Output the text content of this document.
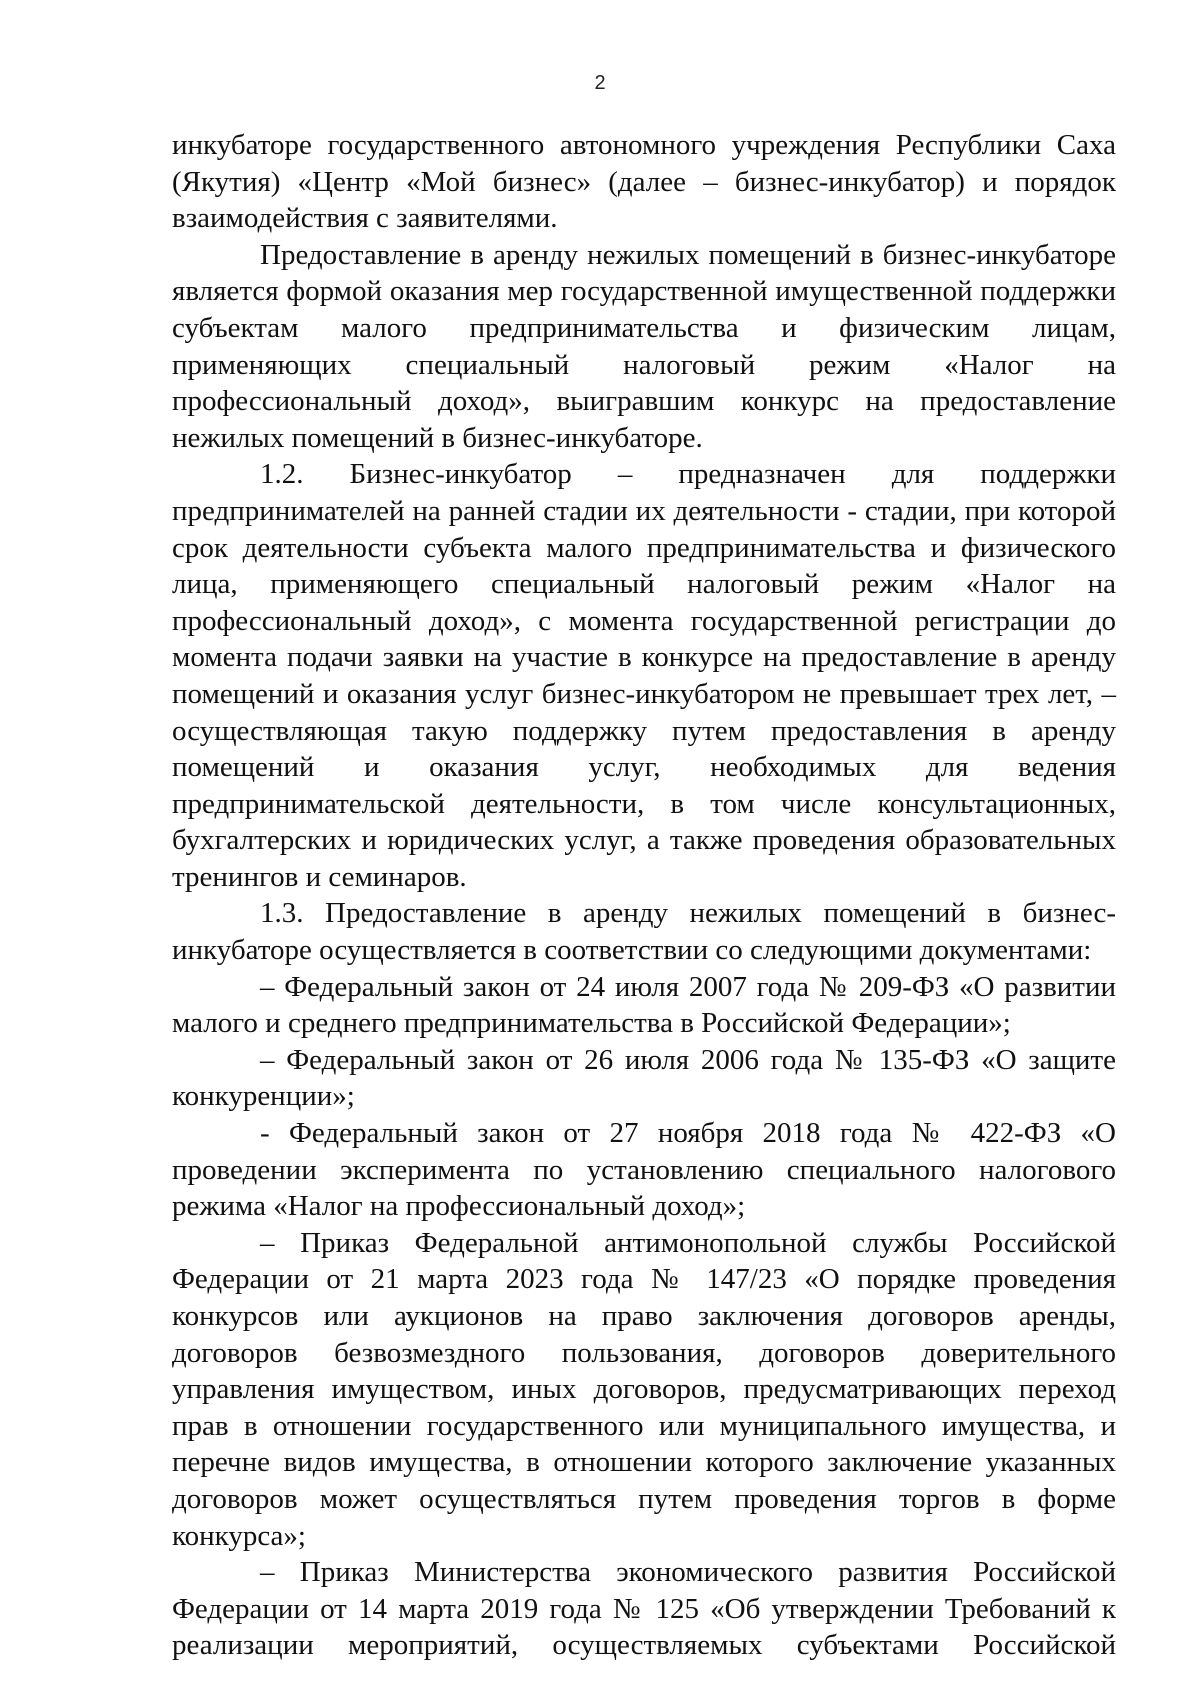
2

инкубаторе государственного автономного учреждения Республики Саха (Якутия) «Центр «Мой бизнес» (далее – бизнес-инкубатор) и порядок взаимодействия с заявителями.

Предоставление в аренду нежилых помещений в бизнес-инкубаторе является формой оказания мер государственной имущественной поддержки субъектам малого предпринимательства и физическим лицам, применяющих специальный налоговый режим «Налог на профессиональный доход», выигравшим конкурс на предоставление нежилых помещений в бизнес-инкубаторе.

1.2.    Бизнес-инкубатор    –    предназначен    для    поддержки предпринимателей на ранней стадии их деятельности - стадии, при которой срок деятельности субъекта малого предпринимательства и физического лица, применяющего специальный налоговый режим «Налог на профессиональный доход», с момента государственной регистрации до момента подачи заявки на участие в конкурсе на предоставление в аренду помещений и оказания услуг бизнес-инкубатором не превышает трех лет, – осуществляющая такую поддержку путем предоставления в аренду помещений и оказания услуг, необходимых для ведения предпринимательской деятельности, в том числе консультационных, бухгалтерских и юридических услуг, а также проведения образовательных тренингов и семинаров.

1.3. Предоставление в аренду нежилых помещений в бизнес-инкубаторе осуществляется в соответствии со следующими документами:

– Федеральный закон от 24 июля 2007 года № 209-ФЗ «О развитии малого и среднего предпринимательства в Российской Федерации»;

– Федеральный закон от 26 июля 2006 года № 135-ФЗ «О защите конкуренции»;

- Федеральный закон от 27 ноября 2018 года № 422-ФЗ «О проведении эксперимента по установлению специального налогового режима «Налог на профессиональный доход»;

– Приказ Федеральной антимонопольной службы Российской Федерации от 21 марта 2023 года № 147/23 «О порядке проведения конкурсов или аукционов на право заключения договоров аренды, договоров безвозмездного пользования, договоров доверительного управления имуществом, иных договоров, предусматривающих переход прав в отношении государственного или муниципального имущества, и перечне видов имущества, в отношении которого заключение указанных договоров может осуществляться путем проведения торгов в форме конкурса»;

– Приказ Министерства экономического развития Российской Федерации от 14 марта 2019 года № 125 «Об утверждении Требований к реализации мероприятий, осуществляемых субъектами Российской
